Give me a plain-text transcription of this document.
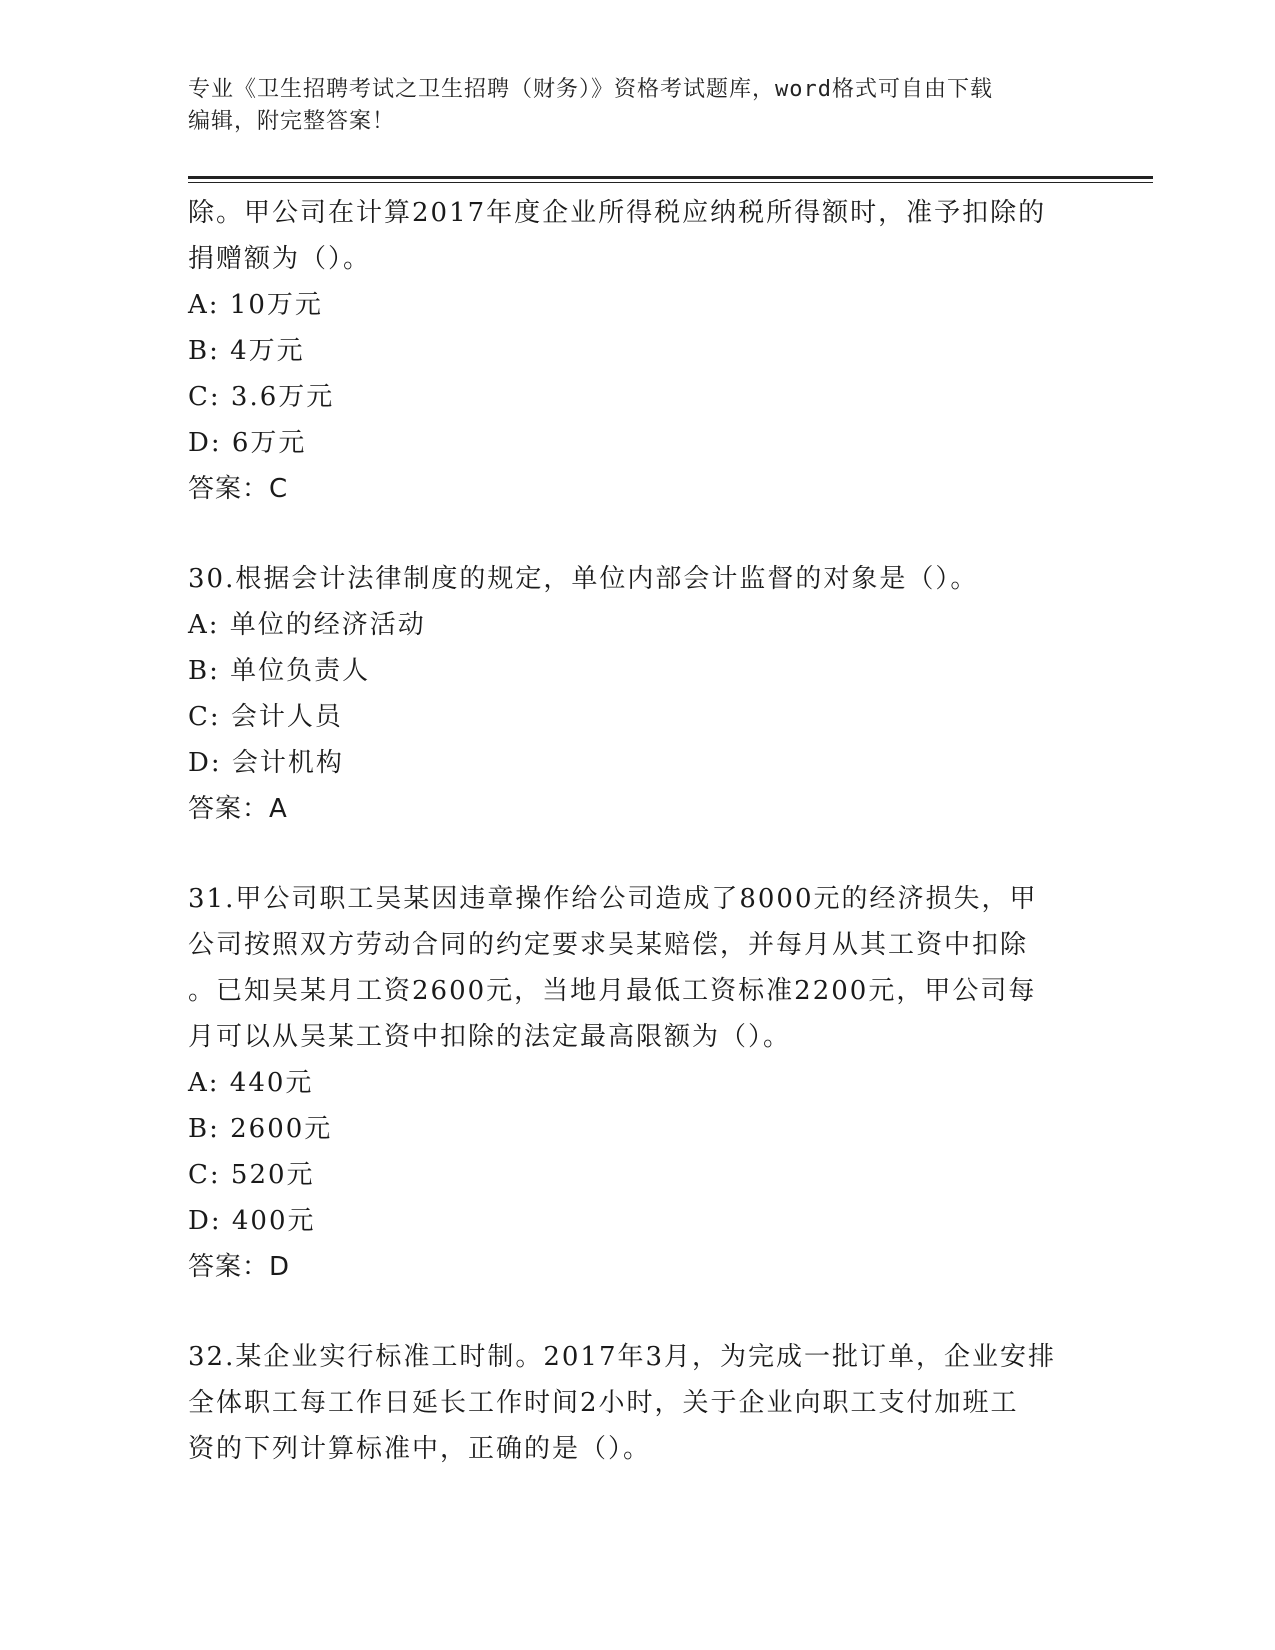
专业《卫生招聘考试之卫生招聘（财务）》资格考试题库，word格式可自由下载
编辑，附完整答案！
除。甲公司在计算2017年度企业所得税应纳税所得额时，准予扣除的
捐赠额为（）。
A: 10万元
B: 4万元
C: 3.6万元
D: 6万元
答案：C
30.根据会计法律制度的规定，单位内部会计监督的对象是（）。
A: 单位的经济活动
B: 单位负责人
C: 会计人员
D: 会计机构
答案：A
31.甲公司职工吴某因违章操作给公司造成了8000元的经济损失，甲
公司按照双方劳动合同的约定要求吴某赔偿，并每月从其工资中扣除
。已知吴某月工资2600元，当地月最低工资标准2200元，甲公司每
月可以从吴某工资中扣除的法定最高限额为（）。
A: 440元
B: 2600元
C: 520元
D: 400元
答案：D
32.某企业实行标准工时制。2017年3月，为完成一批订单，企业安排
全体职工每工作日延长工作时间2小时，关于企业向职工支付加班工
资的下列计算标准中，正确的是（）。
